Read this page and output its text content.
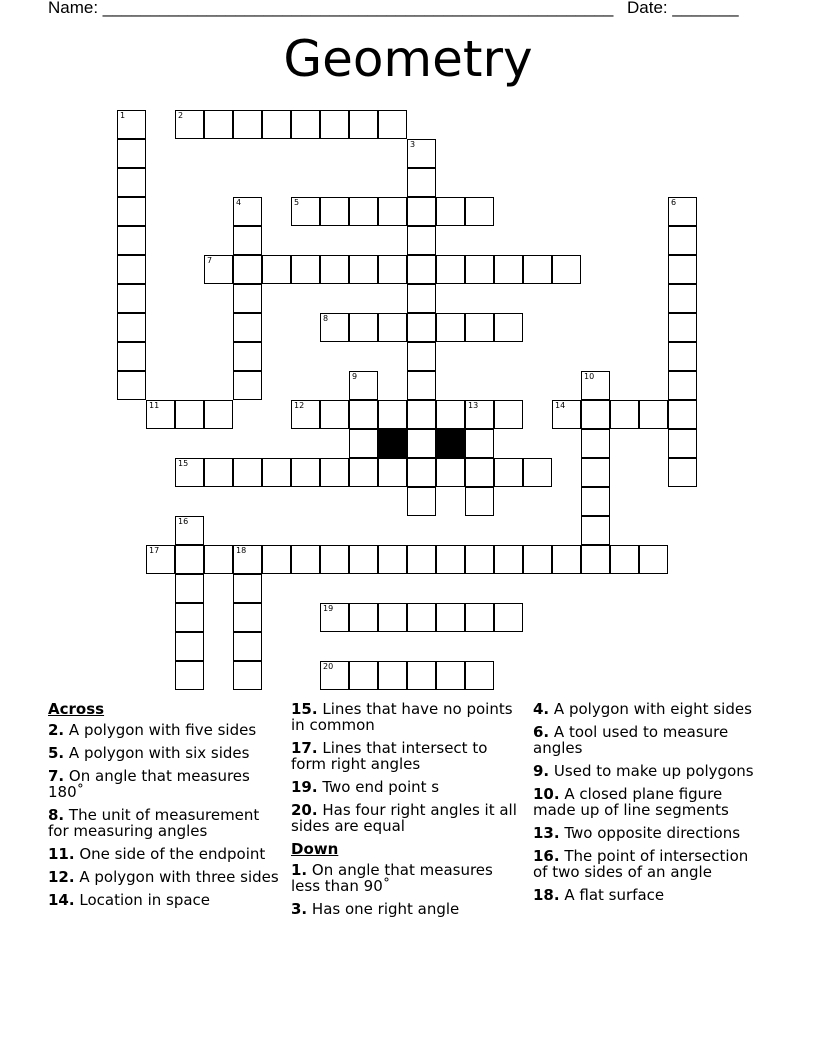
Name: ______________________________________________________ Date: _______
Geometry
2
5
7
8
11	12	13	14
15
17	18
19
20
1
3
4	6
9	10
16
Across
2. A polygon with five sides
5. A polygon with six sides
7. On angle that measures 180˚
8. The unit of measurement for measuring angles
11. One side of the endpoint
12. A polygon with three sides
14. Location in space
15. Lines that have no points in common
17. Lines that intersect to form right angles
19. Two end point s
20. Has four right angles it all sides are equal
Down
1. On angle that measures less than 90˚
3. Has one right angle
4. A polygon with eight sides
6. A tool used to measure angles
9. Used to make up polygons
10. A closed plane figure made up of line segments
13. Two opposite directions
16. The point of intersection of two sides of an angle
18. A flat surface
